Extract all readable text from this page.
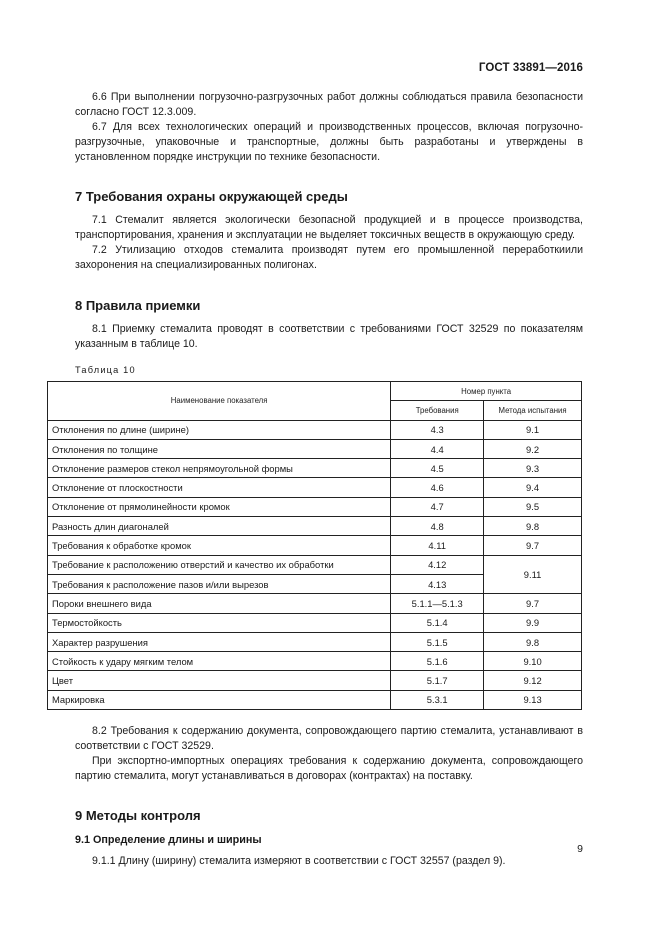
ГОСТ 33891—2016

6.6 При выполнении погрузочно-разгрузочных работ должны соблюдаться правила безопасности согласно ГОСТ 12.3.009.

6.7 Для всех технологических операций и производственных процессов, включая погрузочно-разгрузочные, упаковочные и транспортные, должны быть разработаны и утверждены в установленном порядке инструкции по технике безопасности.

7 Требования охраны окружающей среды

7.1 Стемалит является экологически безопасной продукцией и в процессе производства, транспортирования, хранения и эксплуатации не выделяет токсичных веществ в окружающую среду.

7.2 Утилизацию отходов стемалита производят путем его промышленной переработкиили захоронения на специализированных полигонах.

8 Правила приемки

8.1 Приемку стемалита проводят в соответствии с требованиями ГОСТ 32529 по показателям указанным в таблице 10.

Таблица 10
Наименование показателя	Номер пункта	
	Требования	Метода испытания
Отклонения по длине (ширине)	4.3	9.1
Отклонения по толщине	4.4	9.2
Отклонение размеров стекол непрямоугольной формы	4.5	9.3
Отклонение от плоскостности	4.6	9.4
Отклонение от прямолинейности кромок	4.7	9.5
Разность длин диагоналей	4.8	9.8
Требования к обработке кромок	4.11	9.7
Требование к расположению отверстий и качество их обработки	4.12	9.11
Требования к расположение пазов и/или вырезов	4.13	
Пороки внешнего вида	5.1.1—5.1.3	9.7
Термостойкость	5.1.4	9.9
Характер разрушения	5.1.5	9.8
Стойкость к удару мягким телом	5.1.6	9.10
Цвет	5.1.7	9.12
Маркировка	5.3.1	9.13

8.2 Требования к содержанию документа, сопровождающего партию стемалита, устанавливают в соответствии с ГОСТ 32529.

При экспортно-импортных операциях требования к содержанию документа, сопровождающего партию стемалита, могут устанавливаться в договорах (контрактах) на поставку.

9 Методы контроля
9.1 Определение длины и ширины

9.1.1 Длину (ширину) стемалита измеряют в соответствии с ГОСТ 32557 (раздел 9).

9
